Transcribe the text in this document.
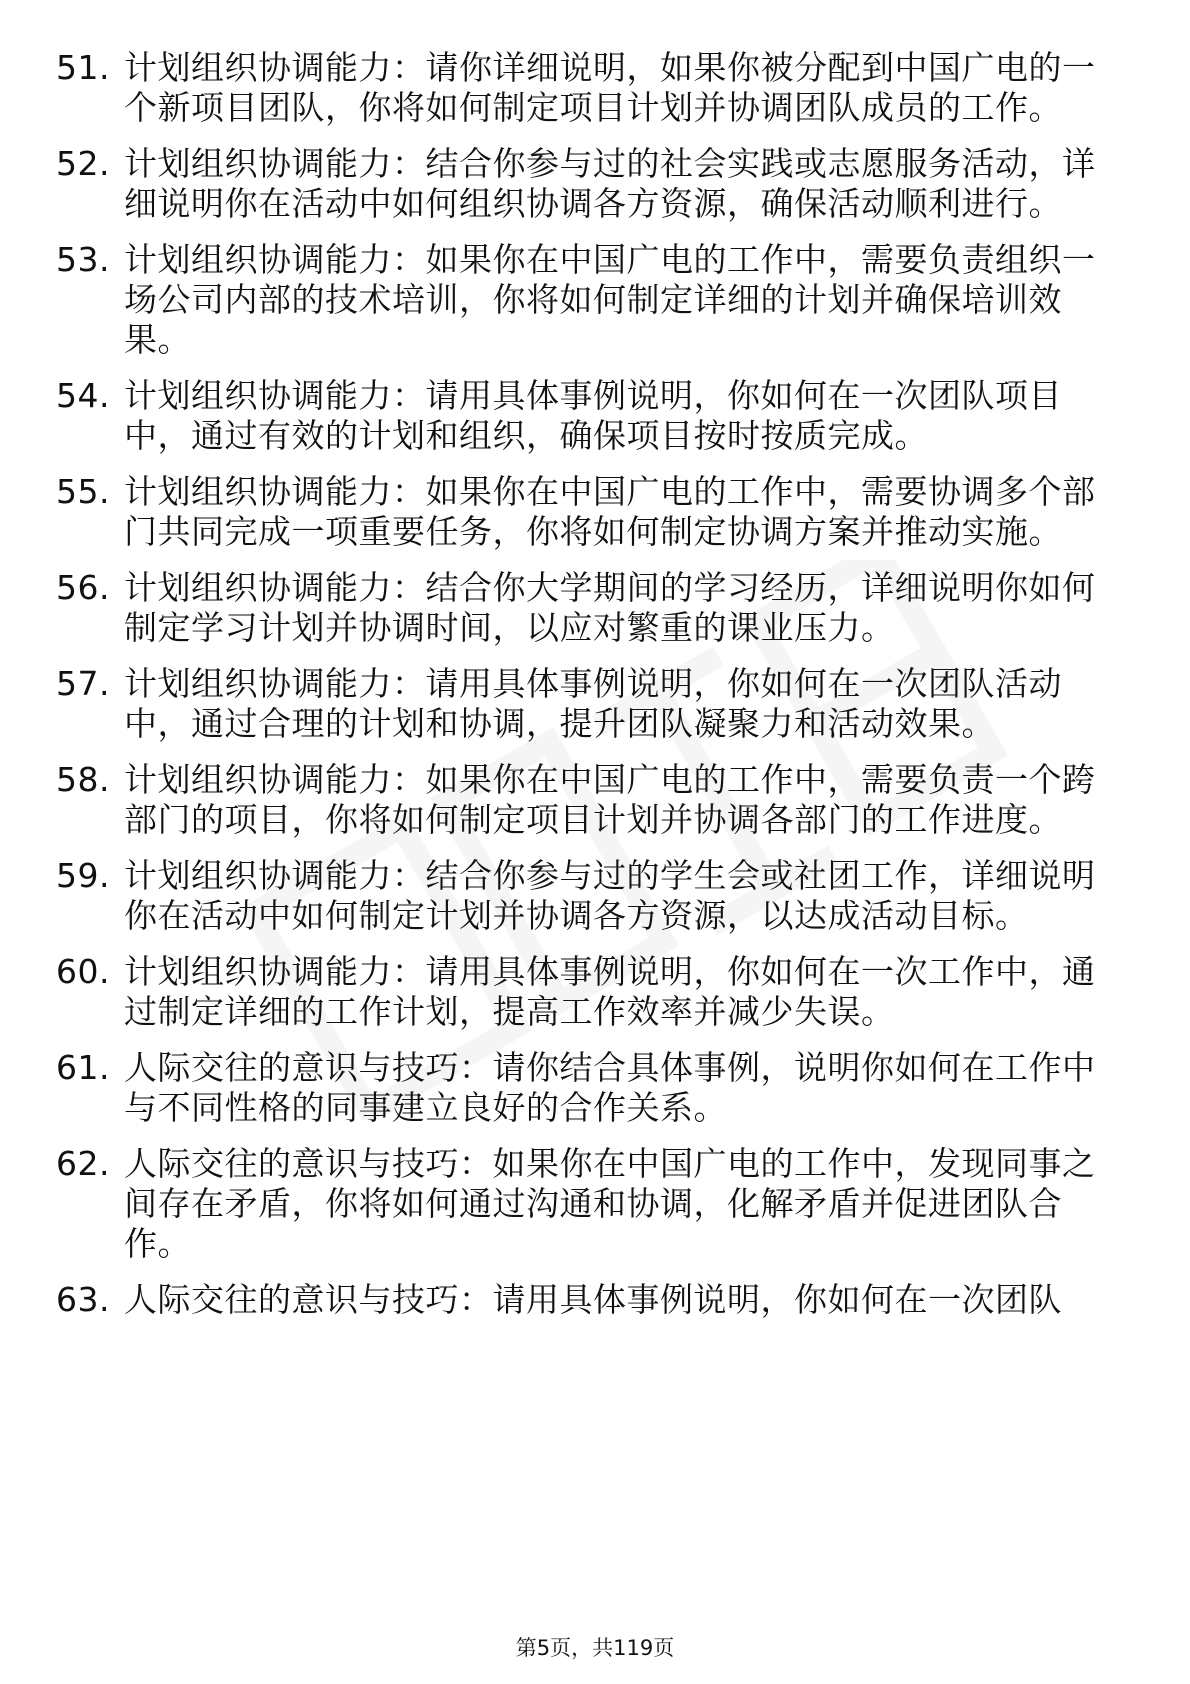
51. 计划组织协调能力：请你详细说明，如果你被分配到中国广电的一个新项目团队，你将如何制定项目计划并协调团队成员的工作。
52. 计划组织协调能力：结合你参与过的社会实践或志愿服务活动，详细说明你在活动中如何组织协调各方资源，确保活动顺利进行。
53. 计划组织协调能力：如果你在中国广电的工作中，需要负责组织一场公司内部的技术培训，你将如何制定详细的计划并确保培训效果。
54. 计划组织协调能力：请用具体事例说明，你如何在一次团队项目中，通过有效的计划和组织，确保项目按时按质完成。
55. 计划组织协调能力：如果你在中国广电的工作中，需要协调多个部门共同完成一项重要任务，你将如何制定协调方案并推动实施。
56. 计划组织协调能力：结合你大学期间的学习经历，详细说明你如何制定学习计划并协调时间，以应对繁重的课业压力。
57. 计划组织协调能力：请用具体事例说明，你如何在一次团队活动中，通过合理的计划和协调，提升团队凝聚力和活动效果。
58. 计划组织协调能力：如果你在中国广电的工作中，需要负责一个跨部门的项目，你将如何制定项目计划并协调各部门的工作进度。
59. 计划组织协调能力：结合你参与过的学生会或社团工作，详细说明你在活动中如何制定计划并协调各方资源，以达成活动目标。
60. 计划组织协调能力：请用具体事例说明，你如何在一次工作中，通过制定详细的工作计划，提高工作效率并减少失误。
61. 人际交往的意识与技巧：请你结合具体事例，说明你如何在工作中与不同性格的同事建立良好的合作关系。
62. 人际交往的意识与技巧：如果你在中国广电的工作中，发现同事之间存在矛盾，你将如何通过沟通和协调，化解矛盾并促进团队合作。
63. 人际交往的意识与技巧：请用具体事例说明，你如何在一次团队
第5页，共119页
